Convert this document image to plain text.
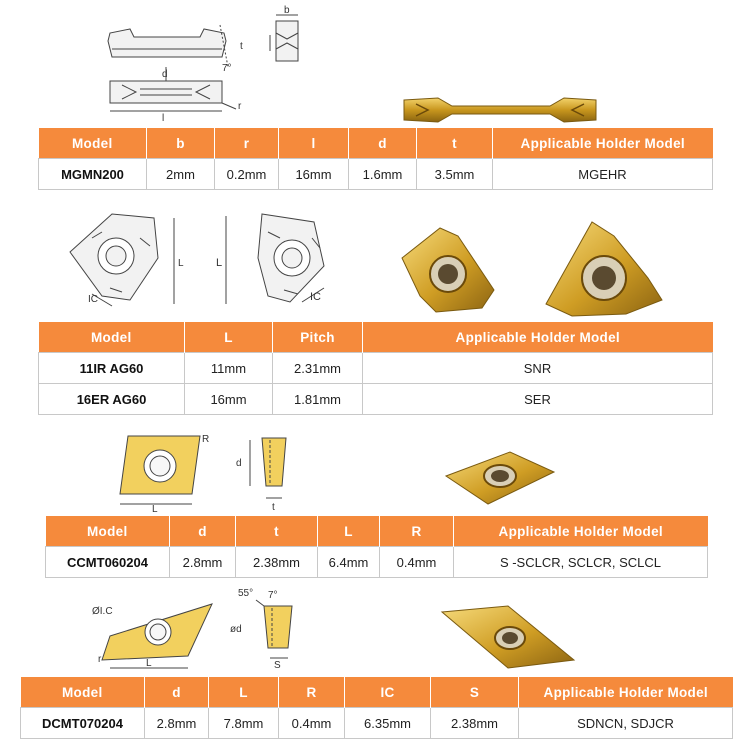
t
7°
d
l
r
b
Model	b	r	l	d	t	Applicable Holder Model
MGMN200	2mm	0.2mm	16mm	1.6mm	3.5mm	MGEHR
L
IC
L
IC
Model	L	Pitch	Applicable Holder Model
11IR AG60	11mm	2.31mm	SNR
16ER AG60	16mm	1.81mm	SER
R
L
d
t
Model	d	t	L	R	Applicable Holder Model
CCMT060204	2.8mm	2.38mm	6.4mm	0.4mm	S -SCLCR, SCLCR, SCLCL
ØI.C
55° 7°
ød
r	L	S
Model	d	L	R	IC	S	Applicable Holder Model
DCMT070204	2.8mm	7.8mm	0.4mm	6.35mm	2.38mm	SDNCN, SDJCR
